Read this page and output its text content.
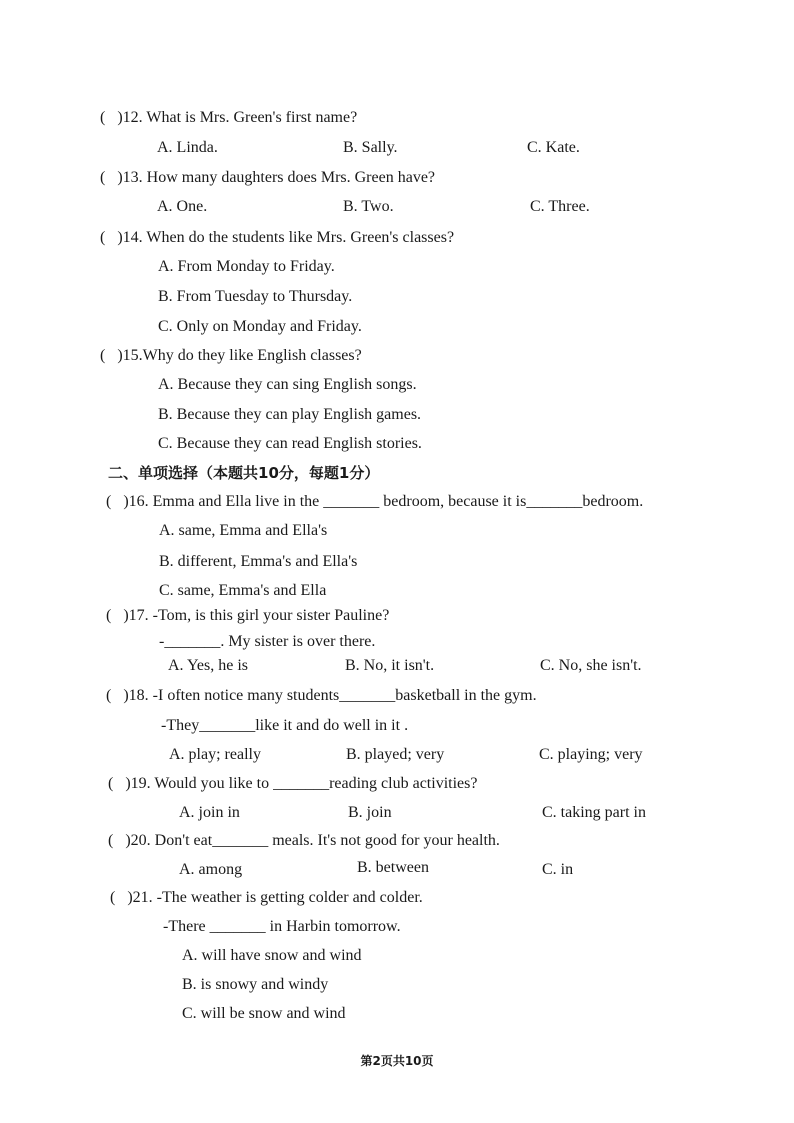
(   )12. What is Mrs. Green's first name?
A. Linda.	B. Sally.	C. Kate.
(   )13. How many daughters does Mrs. Green have?
A. One.	B. Two.	C. Three.
(   )14. When do the students like Mrs. Green's classes?
A. From Monday to Friday.
B. From Tuesday to Thursday.
C. Only on Monday and Friday.
(   )15.Why do they like English classes?
A. Because they can sing English songs.
B. Because they can play English games.
C. Because they can read English stories.
二、单项选择（本题共10分，每题1分）
(   )16. Emma and Ella live in the _______ bedroom, because it is_______bedroom.
A. same, Emma and Ella's
B. different, Emma's and Ella's
C. same, Emma's and Ella
(   )17. -Tom, is this girl your sister Pauline?
-_______. My sister is over there.
A. Yes, he is	B. No, it isn't.	C. No, she isn't.
(   )18. -I often notice many students_______basketball in the gym.
-They_______like it and do well in it .
A. play; really	B. played; very	C. playing; very
(   )19. Would you like to _______reading club activities?
A. join in	B. join	C. taking part in
(   )20. Don't eat_______ meals. It's not good for your health.
A. among	B. between	C. in
(   )21. -The weather is getting colder and colder.
-There _______ in Harbin tomorrow.
A. will have snow and wind
B. is snowy and windy
C. will be snow and wind
第2页共10页
